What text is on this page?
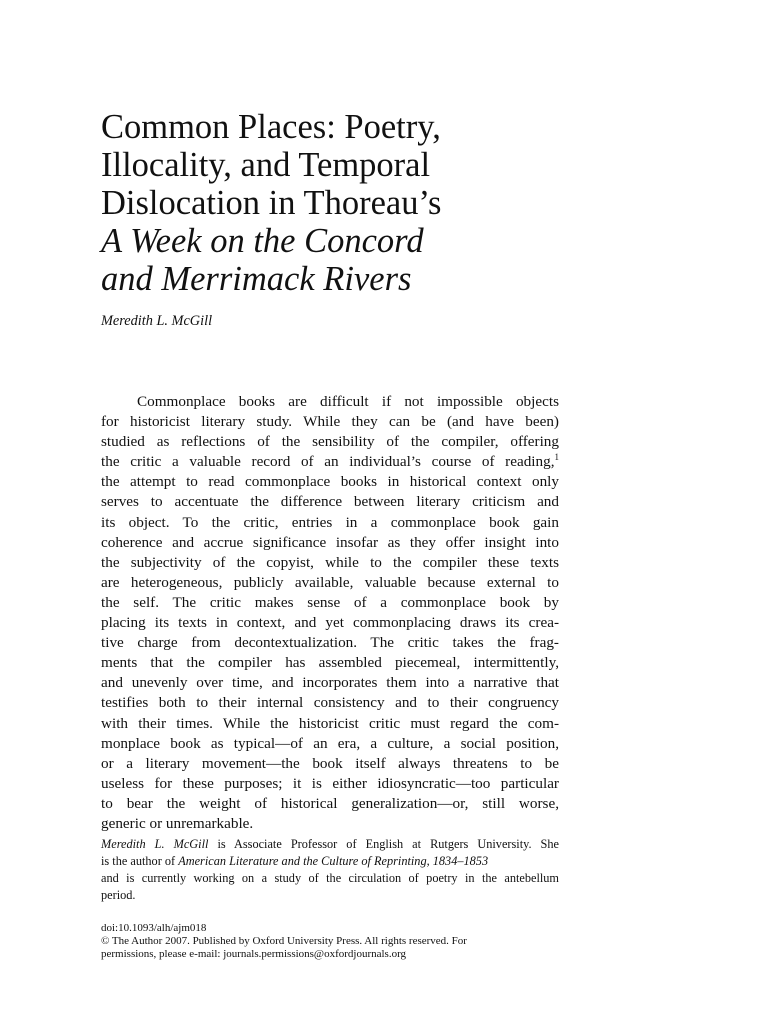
Common Places: Poetry,
Illocality, and Temporal
Dislocation in Thoreau’s
A Week on the Concord
and Merrimack Rivers

Meredith L. McGill

Commonplace books are difficult if not impossible objects
for historicist literary study. While they can be (and have been)
studied as reflections of the sensibility of the compiler, offering
the critic a valuable record of an individual’s course of reading,$^1$
the attempt to read commonplace books in historical context only
serves to accentuate the difference between literary criticism and
its object. To the critic, entries in a commonplace book gain
coherence and accrue significance insofar as they offer insight into
the subjectivity of the copyist, while to the compiler these texts
are heterogeneous, publicly available, valuable because external to
the self. The critic makes sense of a commonplace book by
placing its texts in context, and yet commonplacing draws its crea-
tive charge from decontextualization. The critic takes the frag-
ments that the compiler has assembled piecemeal, intermittently,
and unevenly over time, and incorporates them into a narrative that
testifies both to their internal consistency and to their congruency
with their times. While the historicist critic must regard the com-
monplace book as typical—of an era, a culture, a social position,
or a literary movement—the book itself always threatens to be
useless for these purposes; it is either idiosyncratic—too particular
to bear the weight of historical generalization—or, still worse,
generic or unremarkable.
Meredith L. McGill is Associate Professor of English at Rutgers University. She
is the author of American Literature and the Culture of Reprinting, 1834–1853
and is currently working on a study of the circulation of poetry in the antebellum
period.
doi:10.1093/alh/ajm018
© The Author 2007. Published by Oxford University Press. All rights reserved. For
permissions, please e-mail: journals.permissions@oxfordjournals.org
